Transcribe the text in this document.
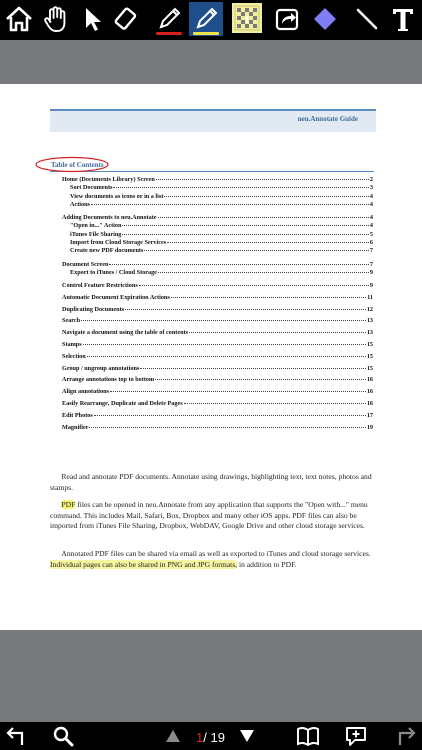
t
neu.Annotate Guide
Table of Contents
Home (Documents Library) Screen	2
Sort Documents	3
View documents as icons or in a list	4
Actions	4
Adding Documents to neu.Annotate	4
"Open in..." Action	4
iTunes File Sharing	5
Import from Cloud Storage Services	6
Create new PDF documents	7
Document Screen	7
Export to iTunes / Cloud Storage	9
Control Feature Restrictions	9
Automatic Document Expiration Actions	11
Duplicating Documents	12
Search	13
Navigate a document using the table of contents	13
Stamps	15
Selection	15
Group / ungroup annotations	15
Arrange annotations top to bottom	16
Align annotations	16
Easily Rearrange, Duplicate and Delete Pages	16
Edit Photos	17
Magnifier	19
Read and annotate PDF documents. Annotate using drawings, highlighting text, text notes, photos and stamps.
PDF files can be opened in neu.Annotate from any application that supports the "Open with..." menu command. This includes Mail, Safari, Box, Dropbox and many other iOS apps. PDF files can also be imported from iTunes File Sharing, Dropbox, WebDAV, Google Drive and other cloud storage services.
Annotated PDF files can be shared via email as well as exported to iTunes and cloud storage services. Individual pages can also be shared in PNG and JPG formats, in addition to PDF.
1/ 19
